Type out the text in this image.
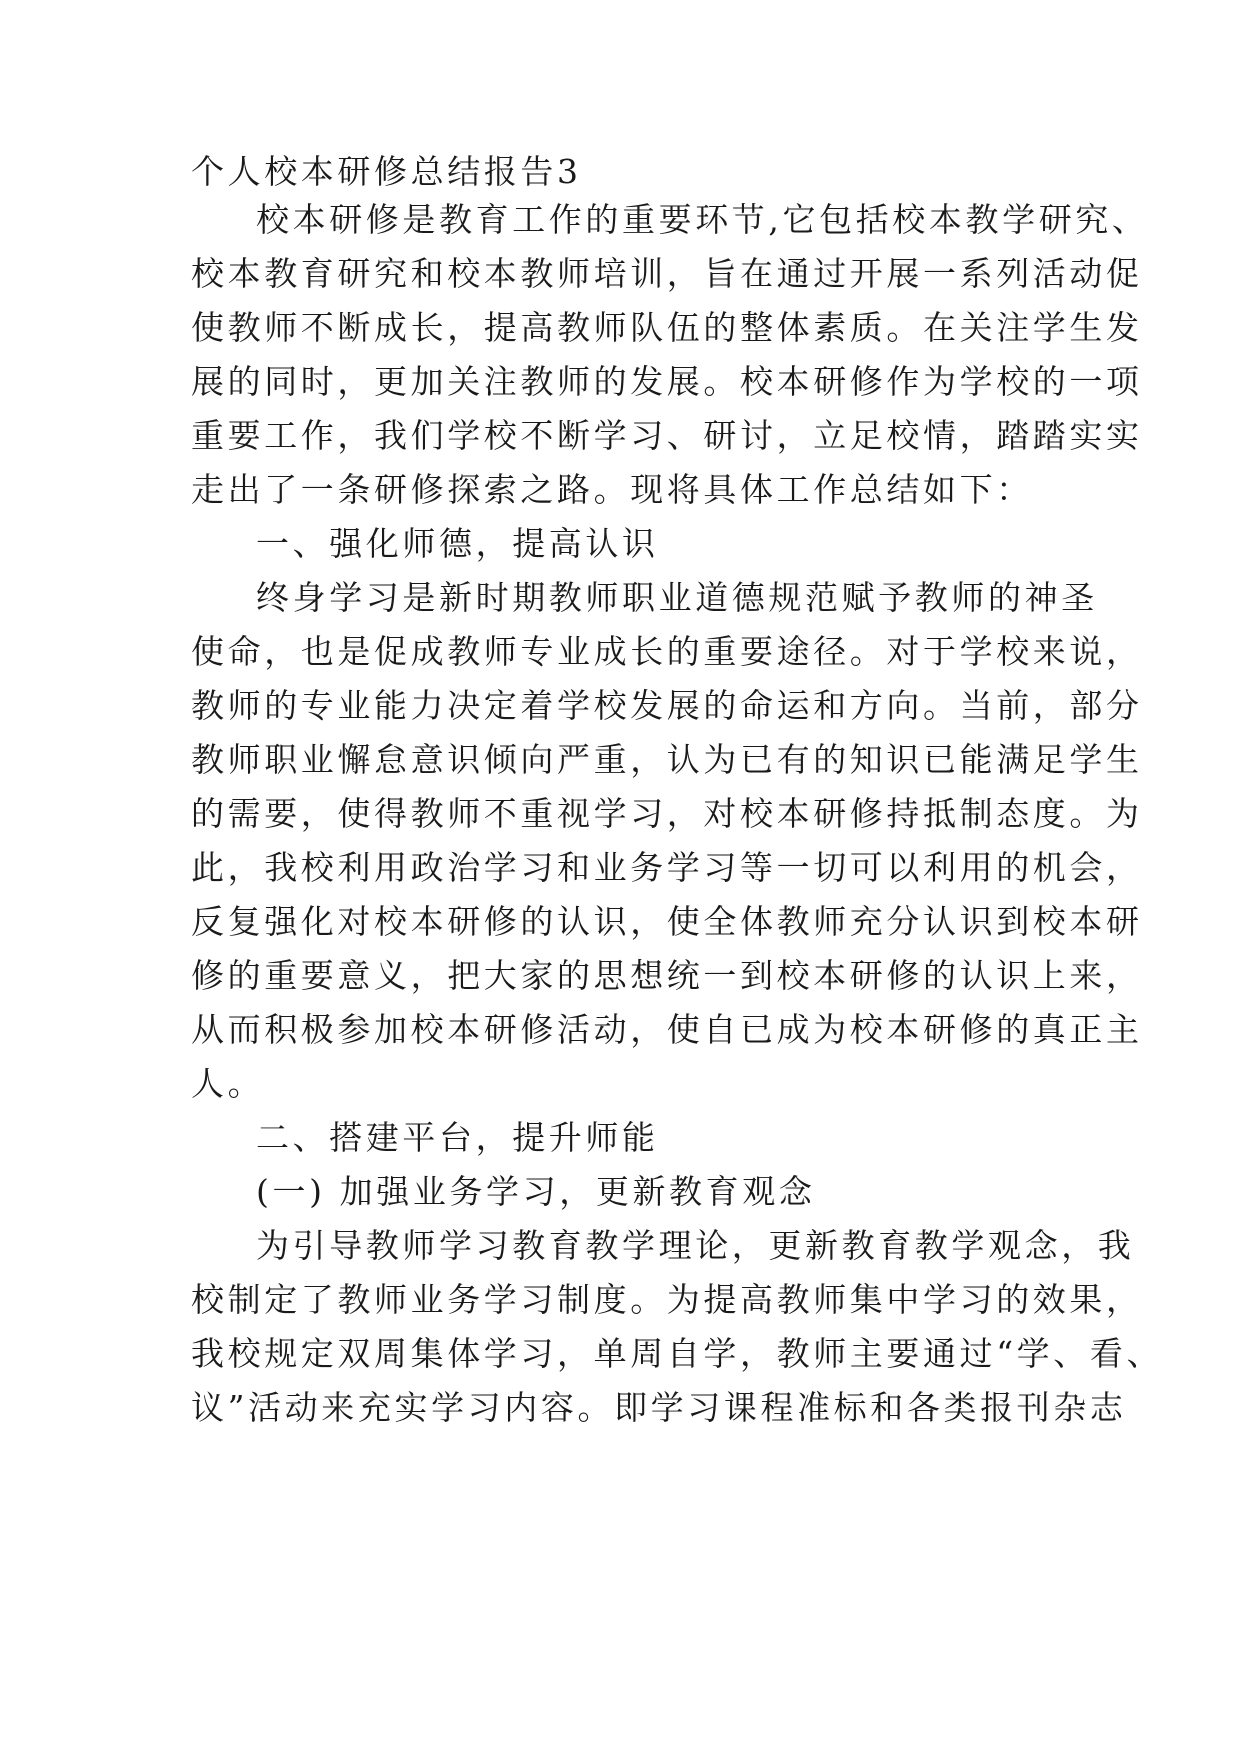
个人校本研修总结报告3
校本研修是教育工作的重要环节,它包括校本教学研究、
校本教育研究和校本教师培训，旨在通过开展一系列活动促
使教师不断成长，提高教师队伍的整体素质。在关注学生发
展的同时，更加关注教师的发展。校本研修作为学校的一项
重要工作，我们学校不断学习、研讨，立足校情，踏踏实实
走出了一条研修探索之路。现将具体工作总结如下：
一、强化师德，提高认识
终身学习是新时期教师职业道德规范赋予教师的神圣
使命，也是促成教师专业成长的重要途径。对于学校来说，
教师的专业能力决定着学校发展的命运和方向。当前，部分
教师职业懈怠意识倾向严重，认为已有的知识已能满足学生
的需要，使得教师不重视学习，对校本研修持抵制态度。为
此，我校利用政治学习和业务学习等一切可以利用的机会，
反复强化对校本研修的认识，使全体教师充分认识到校本研
修的重要意义，把大家的思想统一到校本研修的认识上来，
从而积极参加校本研修活动，使自已成为校本研修的真正主
人。
二、搭建平台，提升师能
(一) 加强业务学习，更新教育观念
为引导教师学习教育教学理论，更新教育教学观念，我
校制定了教师业务学习制度。为提高教师集中学习的效果，
我校规定双周集体学习，单周自学，教师主要通过“学、看、
议”活动来充实学习内容。即学习课程准标和各类报刊杂志
